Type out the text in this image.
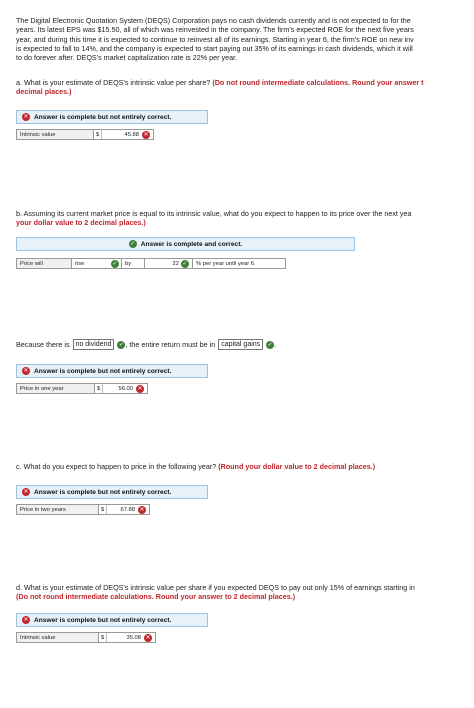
The Digital Electronic Quotation System (DEQS) Corporation pays no cash dividends currently and is not expected to for the
years. Its latest EPS was $15.50, all of which was reinvested in the company. The firm's expected ROE for the next five years
year, and during this time it is expected to continue to reinvest all of its earnings. Starting in year 6, the firm's ROE on new inv
is expected to fall to 14%, and the company is expected to start paying out 35% of its earnings in cash dividends, which it will
to do forever after. DEQS's market capitalization rate is 22% per year.
a. What is your estimate of DEQS's intrinsic value per share? (Do not round intermediate calculations. Round your answer t
decimal places.)
✕ Answer is complete but not entirely correct.
Intrinsic value	$	45.88 ✕
b. Assuming its current market price is equal to its intrinsic value, what do you expect to happen to its price over the next yea
your dollar value to 2 decimal places.)
✓ Answer is complete and correct.
Price will	rise	✓	by	22 ✓	% per year until year 6.
Because there is no dividend	✓ , the entire return must be in capital gains	✓ .
✕ Answer is complete but not entirely correct.
Price in one year	$	56.00 ✕
c. What do you expect to happen to price in the following year? (Round your dollar value to 2 decimal places.)
✕ Answer is complete but not entirely correct.
Price in two years	$	67.88 ✕
d. What is your estimate of DEQS's intrinsic value per share if you expected DEQS to pay out only 15% of earnings starting in
(Do not round intermediate calculations. Round your answer to 2 decimal places.)
✕ Answer is complete but not entirely correct.
Intrinsic value	$	35.08 ✕
